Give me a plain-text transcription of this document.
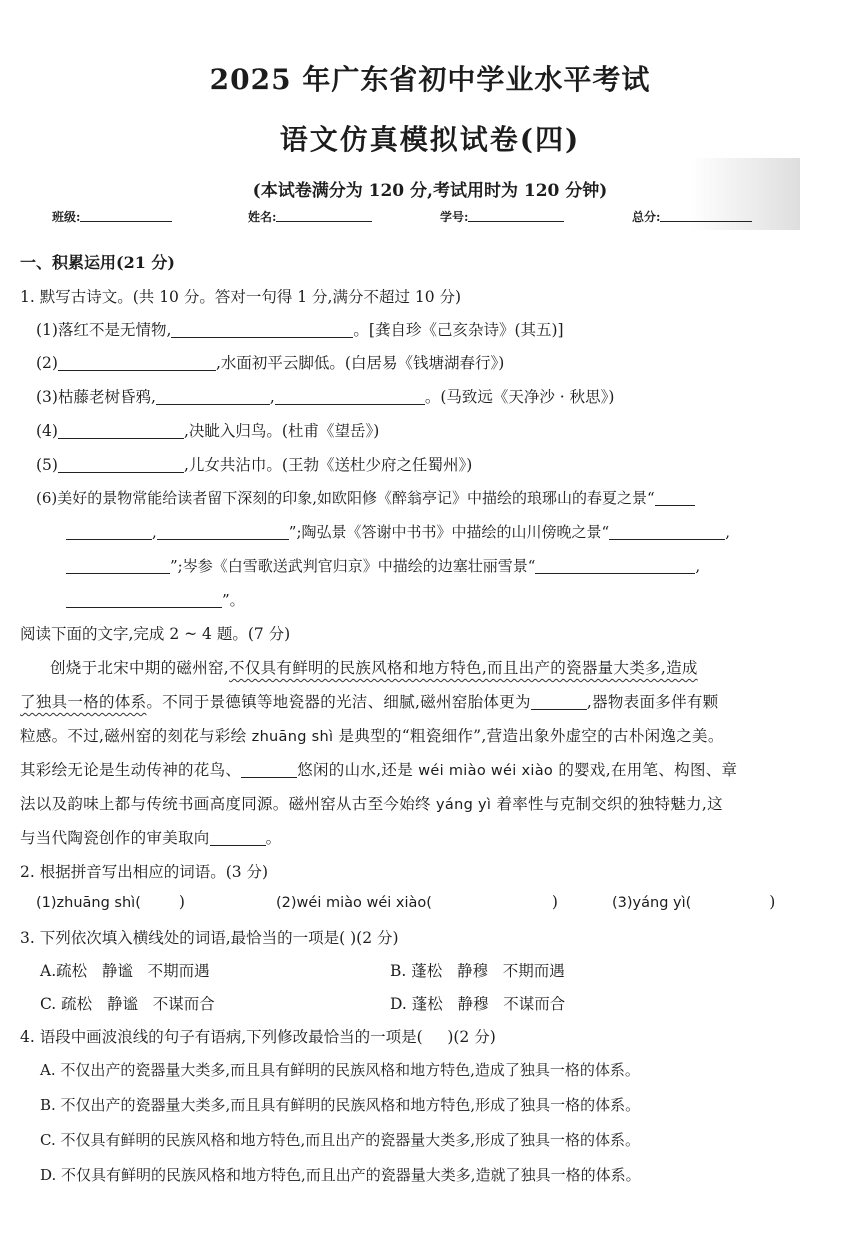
2025 年广东省初中学业水平考试
语文仿真模拟试卷(四)
(本试卷满分为 120 分,考试用时为 120 分钟)
班级:	姓名:	学号:	总分:
一、积累运用(21 分)
1. 默写古诗文。(共 10 分。答对一句得 1 分,满分不超过 10 分)
(1)落红不是无情物,	。[龚自珍《己亥杂诗》(其五)]
(2)	,水面初平云脚低。(白居易《钱塘湖春行》)
(3)枯藤老树昏鸦,	,	。(马致远《天净沙 · 秋思》)
(4)	,决眦入归鸟。(杜甫《望岳》)
(5)	,儿女共沾巾。(王勃《送杜少府之任蜀州》)
(6)美好的景物常能给读者留下深刻的印象,如欧阳修《醉翁亭记》中描绘的琅琊山的春夏之景“
,	”;陶弘景《答谢中书书》中描绘的山川傍晚之景“	,
”;岑参《白雪歌送武判官归京》中描绘的边塞壮丽雪景“	,
”。
阅读下面的文字,完成 2 ~ 4 题。(7 分)
创烧于北宋中期的磁州窑,不仅具有鲜明的民族风格和地方特色,而且出产的瓷器量大类多,造成
了独具一格的体系。不同于景德镇等地瓷器的光洁、细腻,磁州窑胎体更为	,器物表面多伴有颗
粒感。不过,磁州窑的刻花与彩绘 zhuāng shì 是典型的“粗瓷细作”,营造出象外虚空的古朴闲逸之美。
其彩绘无论是生动传神的花鸟、	悠闲的山水,还是 wéi miào wéi xiào 的婴戏,在用笔、构图、章
法以及韵味上都与传统书画高度同源。磁州窑从古至今始终 yáng yì 着率性与克制交织的独特魅力,这
与当代陶瓷创作的审美取向	。
2. 根据拼音写出相应的词语。(3 分)
(1)zhuāng shì( )	(2)wéi miào wéi xiào(	)	(3)yáng yì(	)
3. 下列依次填入横线处的词语,最恰当的一项是( )(2 分)
A.疏松   静谧   不期而遇	B. 蓬松   静穆   不期而遇
C. 疏松   静谧   不谋而合	D. 蓬松   静穆   不谋而合
4. 语段中画波浪线的句子有语病,下列修改最恰当的一项是(     )(2 分)
A. 不仅出产的瓷器量大类多,而且具有鲜明的民族风格和地方特色,造成了独具一格的体系。
B. 不仅出产的瓷器量大类多,而且具有鲜明的民族风格和地方特色,形成了独具一格的体系。
C. 不仅具有鲜明的民族风格和地方特色,而且出产的瓷器量大类多,形成了独具一格的体系。
D. 不仅具有鲜明的民族风格和地方特色,而且出产的瓷器量大类多,造就了独具一格的体系。
